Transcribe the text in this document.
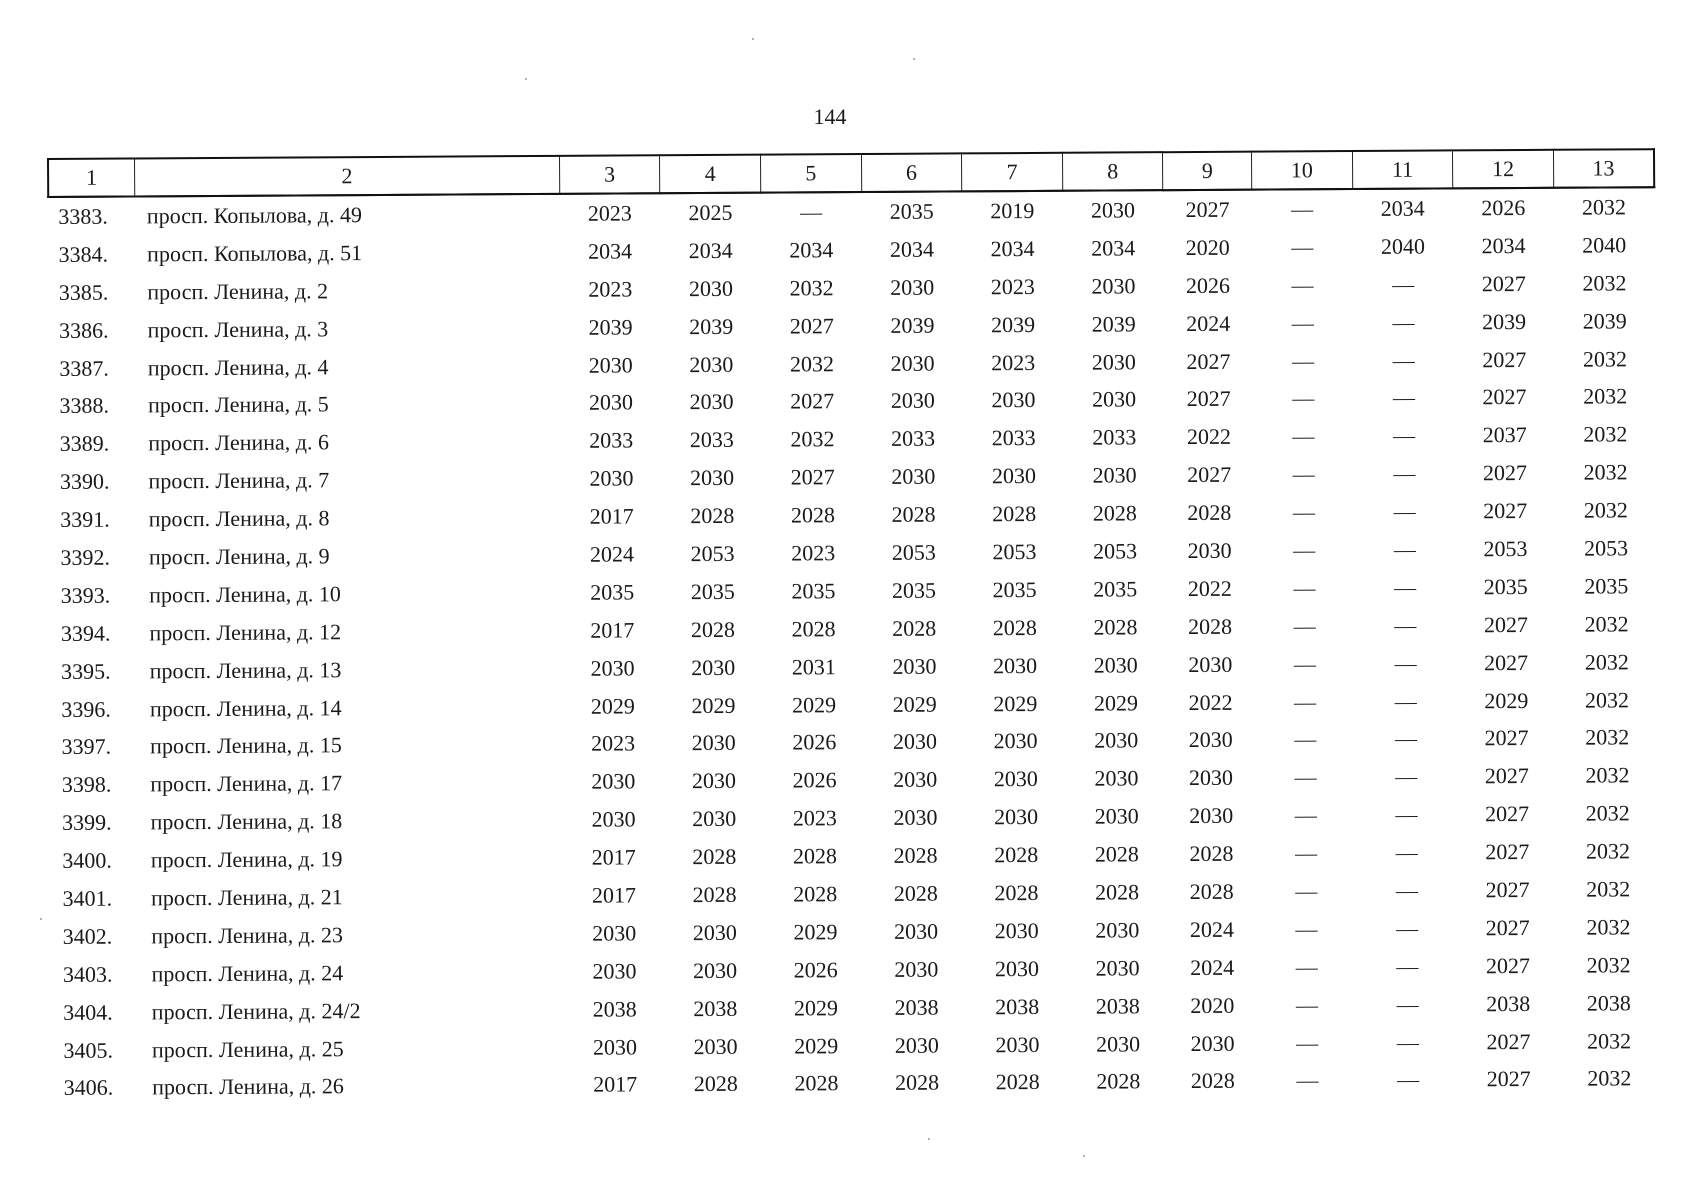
144
1	2	3	4	5	6	7	8	9	10	11	12	13
3383.	просп. Копылова, д. 49	2023	2025	—	2035	2019	2030	2027	—	2034	2026	2032
3384.	просп. Копылова, д. 51	2034	2034	2034	2034	2034	2034	2020	—	2040	2034	2040
3385.	просп. Ленина, д. 2	2023	2030	2032	2030	2023	2030	2026	—	—	2027	2032
3386.	просп. Ленина, д. 3	2039	2039	2027	2039	2039	2039	2024	—	—	2039	2039
3387.	просп. Ленина, д. 4	2030	2030	2032	2030	2023	2030	2027	—	—	2027	2032
3388.	просп. Ленина, д. 5	2030	2030	2027	2030	2030	2030	2027	—	—	2027	2032
3389.	просп. Ленина, д. 6	2033	2033	2032	2033	2033	2033	2022	—	—	2037	2032
3390.	просп. Ленина, д. 7	2030	2030	2027	2030	2030	2030	2027	—	—	2027	2032
3391.	просп. Ленина, д. 8	2017	2028	2028	2028	2028	2028	2028	—	—	2027	2032
3392.	просп. Ленина, д. 9	2024	2053	2023	2053	2053	2053	2030	—	—	2053	2053
3393.	просп. Ленина, д. 10	2035	2035	2035	2035	2035	2035	2022	—	—	2035	2035
3394.	просп. Ленина, д. 12	2017	2028	2028	2028	2028	2028	2028	—	—	2027	2032
3395.	просп. Ленина, д. 13	2030	2030	2031	2030	2030	2030	2030	—	—	2027	2032
3396.	просп. Ленина, д. 14	2029	2029	2029	2029	2029	2029	2022	—	—	2029	2032
3397.	просп. Ленина, д. 15	2023	2030	2026	2030	2030	2030	2030	—	—	2027	2032
3398.	просп. Ленина, д. 17	2030	2030	2026	2030	2030	2030	2030	—	—	2027	2032
3399.	просп. Ленина, д. 18	2030	2030	2023	2030	2030	2030	2030	—	—	2027	2032
3400.	просп. Ленина, д. 19	2017	2028	2028	2028	2028	2028	2028	—	—	2027	2032
3401.	просп. Ленина, д. 21	2017	2028	2028	2028	2028	2028	2028	—	—	2027	2032
3402.	просп. Ленина, д. 23	2030	2030	2029	2030	2030	2030	2024	—	—	2027	2032
3403.	просп. Ленина, д. 24	2030	2030	2026	2030	2030	2030	2024	—	—	2027	2032
3404.	просп. Ленина, д. 24/2	2038	2038	2029	2038	2038	2038	2020	—	—	2038	2038
3405.	просп. Ленина, д. 25	2030	2030	2029	2030	2030	2030	2030	—	—	2027	2032
3406.	просп. Ленина, д. 26	2017	2028	2028	2028	2028	2028	2028	—	—	2027	2032
